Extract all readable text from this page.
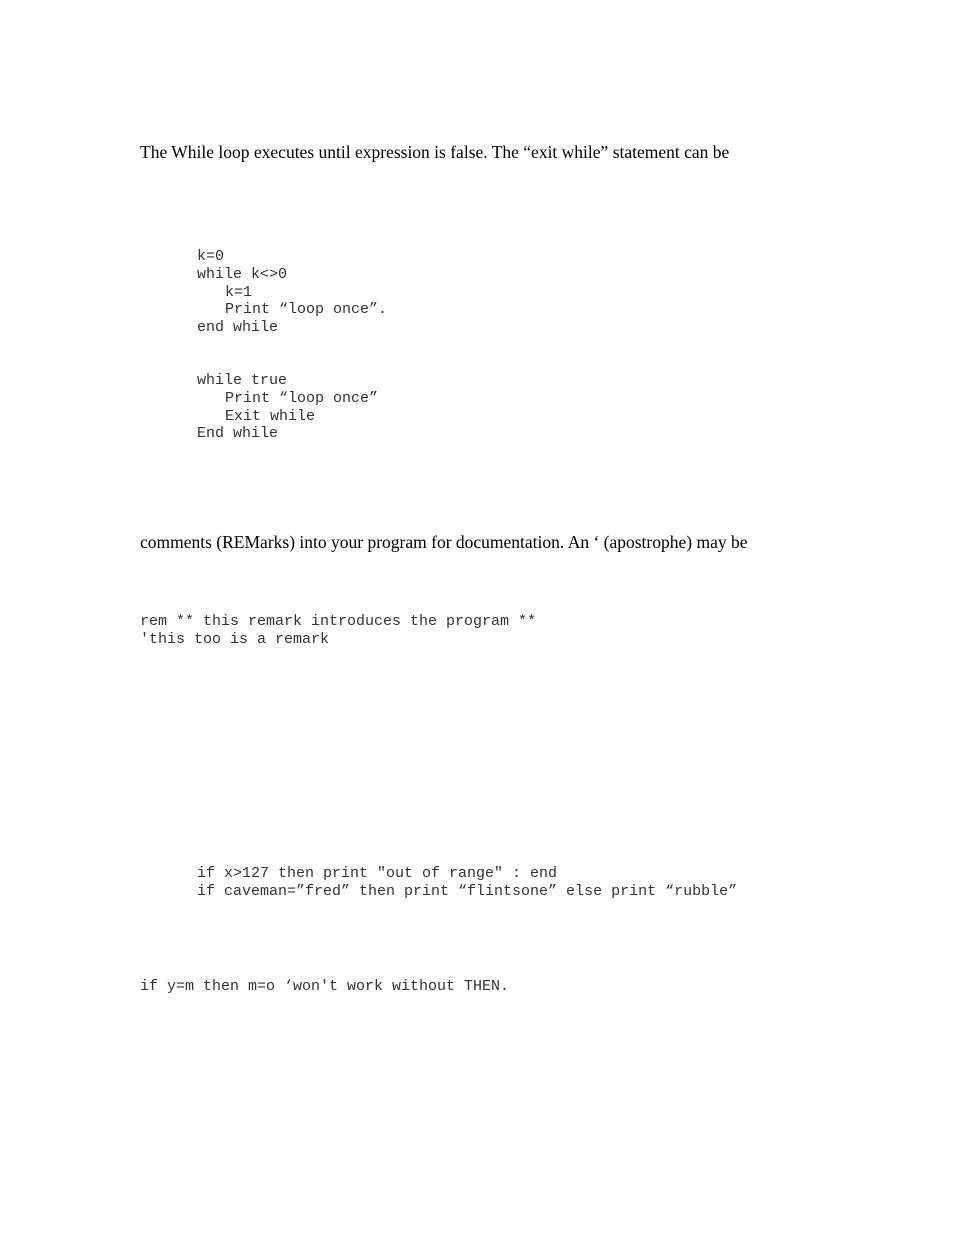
The While loop executes until expression is false. The “exit while” statement can be

k=0
while k<>0
k=1
Print “loop once”.
end while
while true
Print “loop once”
Exit while
End while

comments (REMarks) into your program for documentation. An ‘ (apostrophe) may be

rem ** this remark introduces the program **
'this too is a remark
if x>127 then print "out of range" : end
if caveman=”fred” then print “flintsone” else print “rubble”
if y=m then m=o ‘won't work without THEN.
